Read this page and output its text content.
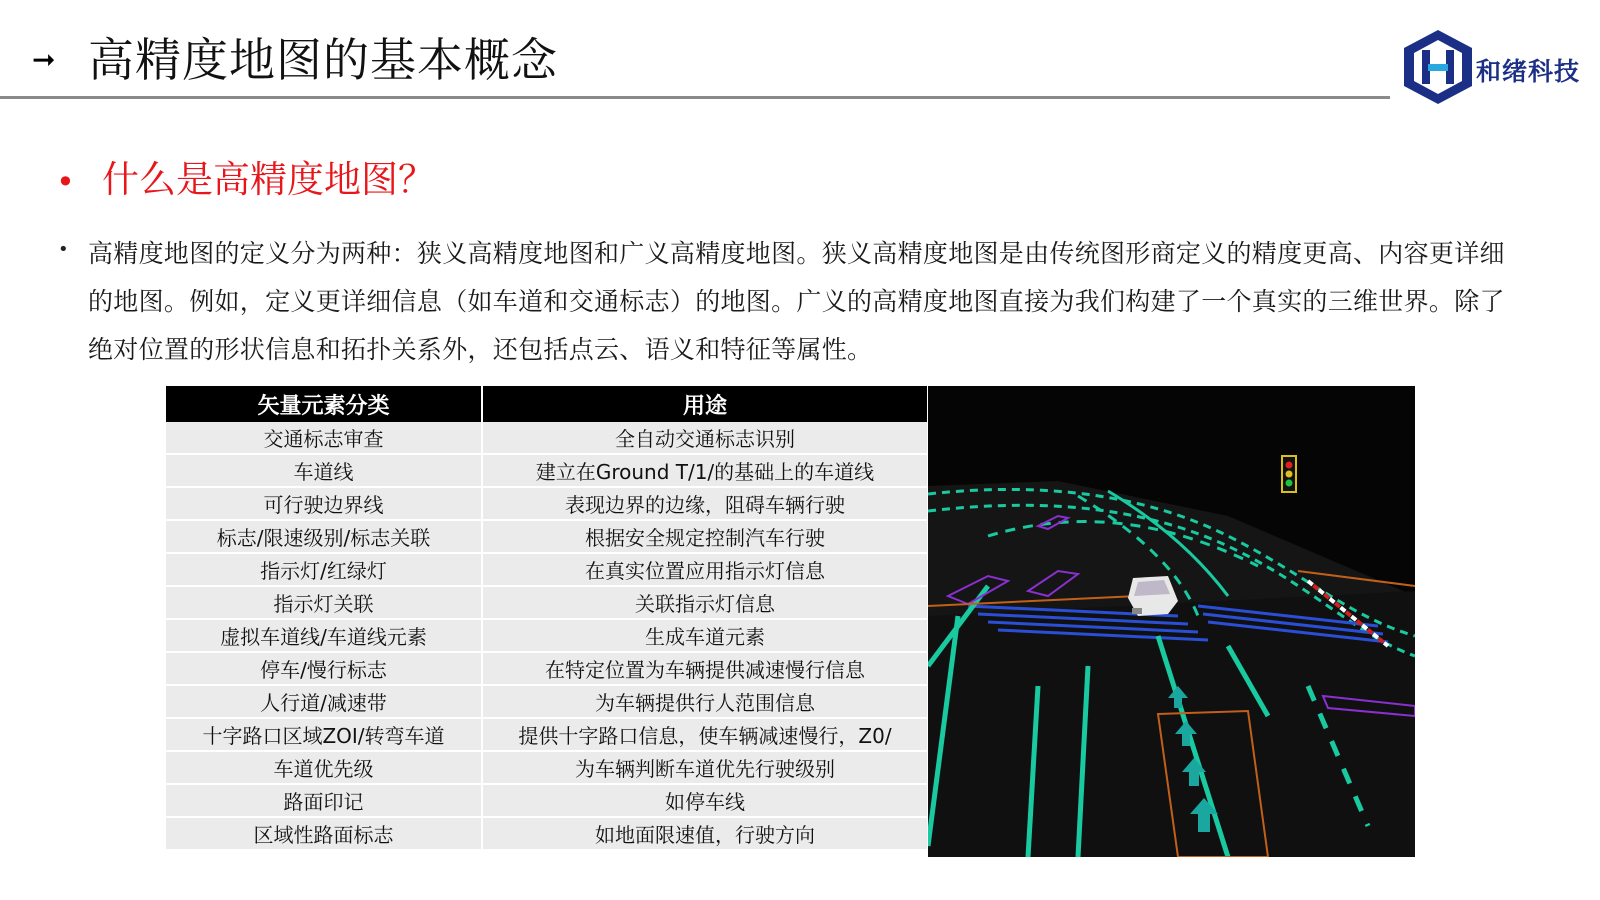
➞ 高精度地图的基本概念	和绪科技
• 什么是高精度地图？
• 高精度地图的定义分为两种：狭义高精度地图和广义高精度地图。狭义高精度地图是由传统图形商定义的精度更高、内容更详细的地图。例如，定义更详细信息（如车道和交通标志）的地图。广义的高精度地图直接为我们构建了一个真实的三维世界。除了绝对位置的形状信息和拓扑关系外，还包括点云、语义和特征等属性。
矢量元素分类	用途
交通标志审查	全自动交通标志识别
车道线	建立在Ground T/1/的基础上的车道线
可行驶边界线	表现边界的边缘，阻碍车辆行驶
标志/限速级别/标志关联	根据安全规定控制汽车行驶
指示灯/红绿灯	在真实位置应用指示灯信息
指示灯关联	关联指示灯信息
虚拟车道线/车道线元素	生成车道元素
停车/慢行标志	在特定位置为车辆提供减速慢行信息
人行道/减速带	为车辆提供行人范围信息
十字路口区域ZOI/转弯车道	提供十字路口信息，使车辆减速慢行，Z0/
车道优先级	为车辆判断车道优先行驶级别
路面印记	如停车线
区域性路面标志	如地面限速值，行驶方向
